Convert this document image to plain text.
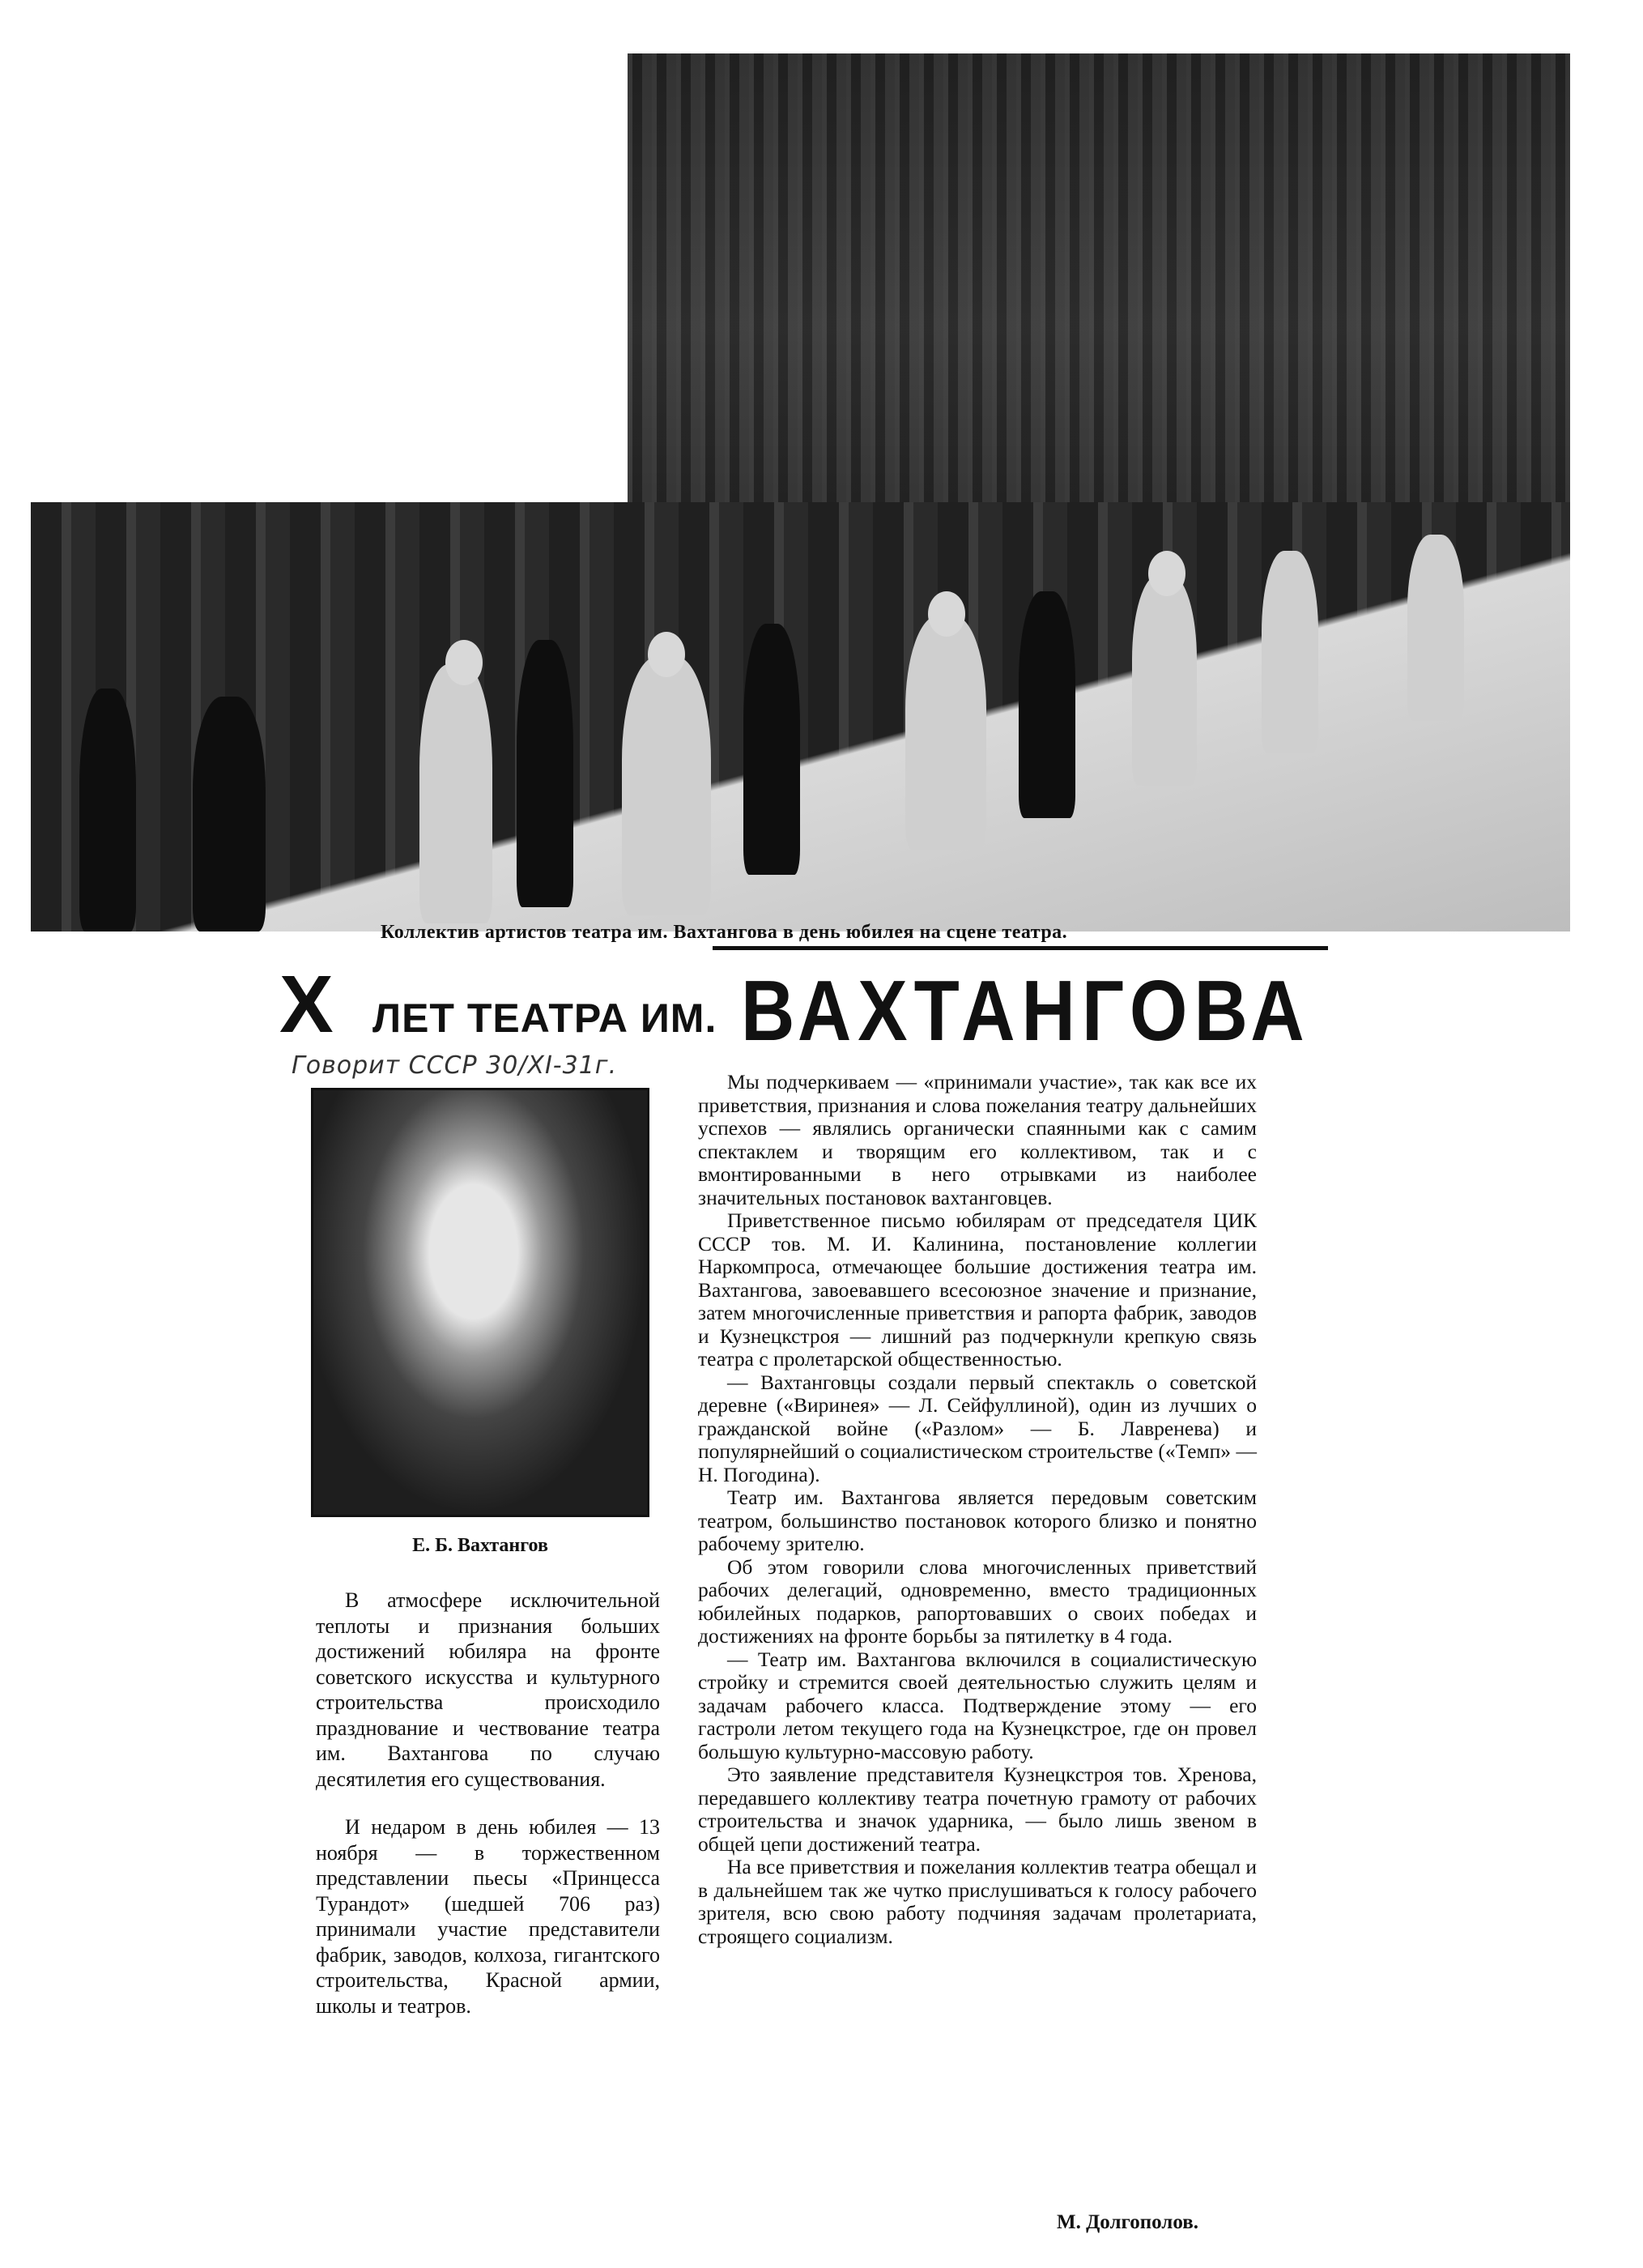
Коллектив артистов театра им. Вахтангова в день юбилея на сцене театра.
X ЛЕТ ТЕАТРА ИМ. ВАХТАНГОВА
Говорит СССР 30/XI-31г.
Е. Б. Вахтангов

В атмосфере исключительной теплоты и признания больших достижений юбиляра на фронте советского искусства и культурного строительства происходило празднование и чествование театра им. Вахтангова по случаю десятилетия его существования.

И недаром в день юбилея — 13 ноября — в торжественном представлении пьесы «Принцесса Турандот» (шедшей 706 раз) принимали участие представители фабрик, заводов, колхоза, гигантского строительства, Красной армии, школы и театров.

Мы подчеркиваем — «принимали участие», так как все их приветствия, признания и слова пожелания театру дальнейших успехов — являлись органически спаянными как с самим спектаклем и творящим его коллективом, так и с вмонтированными в него отрывками из наиболее значительных постановок вахтанговцев.

Приветственное письмо юбилярам от председателя ЦИК СССР тов. М. И. Калинина, постановление коллегии Наркомпроса, отмечающее большие достижения театра им. Вахтангова, завоевавшего всесоюзное значение и признание, затем многочисленные приветствия и рапорта фабрик, заводов и Кузнецкстроя — лишний раз подчеркнули крепкую связь театра с пролетарской общественностью.

— Вахтанговцы создали первый спектакль о советской деревне («Виринея» — Л. Сейфуллиной), один из лучших о гражданской войне («Разлом» — Б. Лавренева) и популярнейший о социалистическом строительстве («Темп» — Н. Погодина).

Театр им. Вахтангова является передовым советским театром, большинство постановок которого близко и понятно рабочему зрителю.

Об этом говорили слова многочисленных приветствий рабочих делегаций, одновременно, вместо традиционных юбилейных подарков, рапортовавших о своих победах и достижениях на фронте борьбы за пятилетку в 4 года.

— Театр им. Вахтангова включился в социалистическую стройку и стремится своей деятельностью служить целям и задачам рабочего класса. Подтверждение этому — его гастроли летом текущего года на Кузнецкстрое, где он провел большую культурно-массовую работу.

Это заявление представителя Кузнецкстроя тов. Хренова, передавшего коллективу театра почетную грамоту от рабочих строительства и значок ударника, — было лишь звеном в общей цепи достижений театра.

На все приветствия и пожелания коллектив театра обещал и в дальнейшем так же чутко прислушиваться к голосу рабочего зрителя, всю свою работу подчиняя задачам пролетариата, строящего социализм.

М. Долгополов.
